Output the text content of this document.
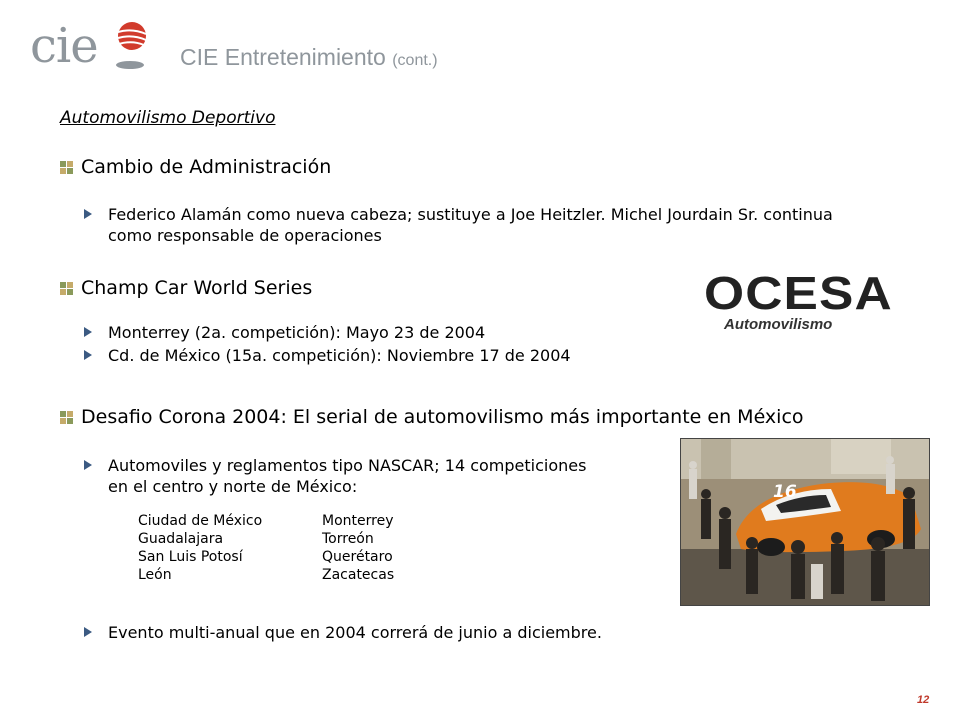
cie	CIE Entretenimiento (cont.)
Automovilismo Deportivo
Cambio de Administración
Federico Alamán como nueva cabeza; sustituye a Joe Heitzler. Michel Jourdain Sr. continua
como responsable de operaciones
Champ Car World Series
Monterrey (2a. competición): Mayo 23 de 2004
Cd. de México (15a. competición): Noviembre 17 de 2004
OCESA
Automovilismo
Desafio Corona 2004: El serial de automovilismo más importante en México
Automoviles y reglamentos tipo NASCAR; 14 competiciones
en el centro y norte de México:
Ciudad de México	Monterrey
Guadalajara	Torreón
San Luis Potosí	Querétaro
León	Zacatecas
Evento multi-anual que en 2004 correrá de junio a diciembre.
16
12
